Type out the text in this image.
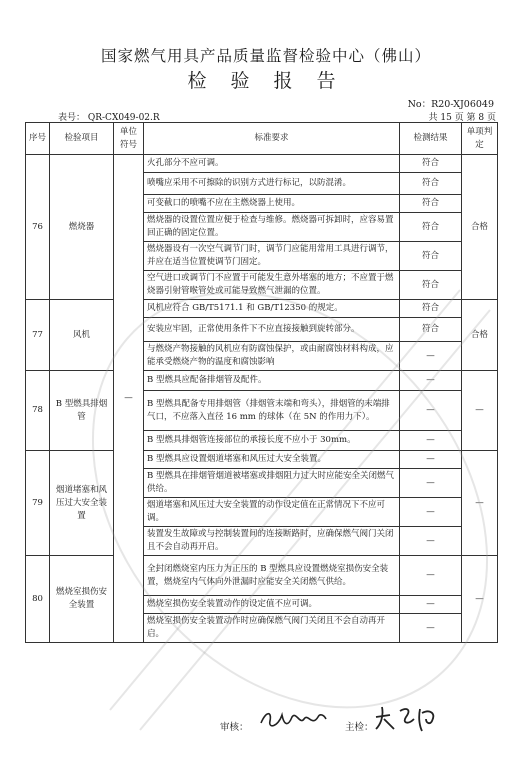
国家燃气用具产品质量监督检验中心（佛山）
检 验 报 告
No：R20-XJ06049
表号： QR-CX049-02.R	共 15 页 第 8 页
序号	检验项目	单位符号	标准要求	检测结果	单项判定
76	燃烧器	—	火孔部分不应可调。	符合	合格
			喷嘴应采用不可擦除的识别方式进行标记，以防混淆。	符合	
			可变截口的喷嘴不应在主燃烧器上使用。	符合	
			燃烧器的设置位置应便于检查与维修。燃烧器可拆卸时，应容易置回正确的固定位置。	符合	
			燃烧器设有一次空气调节门时，调节门应能用常用工具进行调节，并应在适当位置使调节门固定。	符合	
			空气进口或调节门不应置于可能发生意外堵塞的地方；不应置于燃烧器引射管喉管处或可能导致燃气泄漏的位置。	符合	
77	风机		风机应符合 GB/T5171.1 和 GB/T12350 的规定。	符合	合格
			安装应牢固，正常使用条件下不应直接接触到旋转部分。	符合	
			与燃烧产物接触的风机应有防腐蚀保护，或由耐腐蚀材料构成，应能承受燃烧产物的温度和腐蚀影响	—	
78	B 型燃具排烟管		B 型燃具应配备排烟管及配件。	—	—
			B 型燃具配备专用排烟管（排烟管末端和弯头），排烟管的末端排气口，不应落入直径 16 mm 的球体（在 5N 的作用力下）。	—	
			B 型燃具排烟管连接部位的承接长度不应小于 30mm。	—	
79	烟道堵塞和风压过大安全装置		B 型燃具应设置烟道堵塞和风压过大安全装置。	—	—
			B 型燃具在排烟管烟道被堵塞或排烟阻力过大时应能安全关闭燃气供给。	—	
			烟道堵塞和风压过大安全装置的动作设定值在正常情况下不应可调。	—	
			装置发生故障或与控制装置间的连接断路时，应确保燃气阀门关闭且不会自动再开启。	—	
80	燃烧室损伤安全装置		全封闭燃烧室内压力为正压的 B 型燃具应设置燃烧室损伤安全装置，燃烧室内气体向外泄漏时应能安全关闭燃气供给。	—	—
			燃烧室损伤安全装置动作的设定值不应可调。	—	
			燃烧室损伤安全装置动作时应确保燃气阀门关闭且不会自动再开启。	—	
审核：	主检：
